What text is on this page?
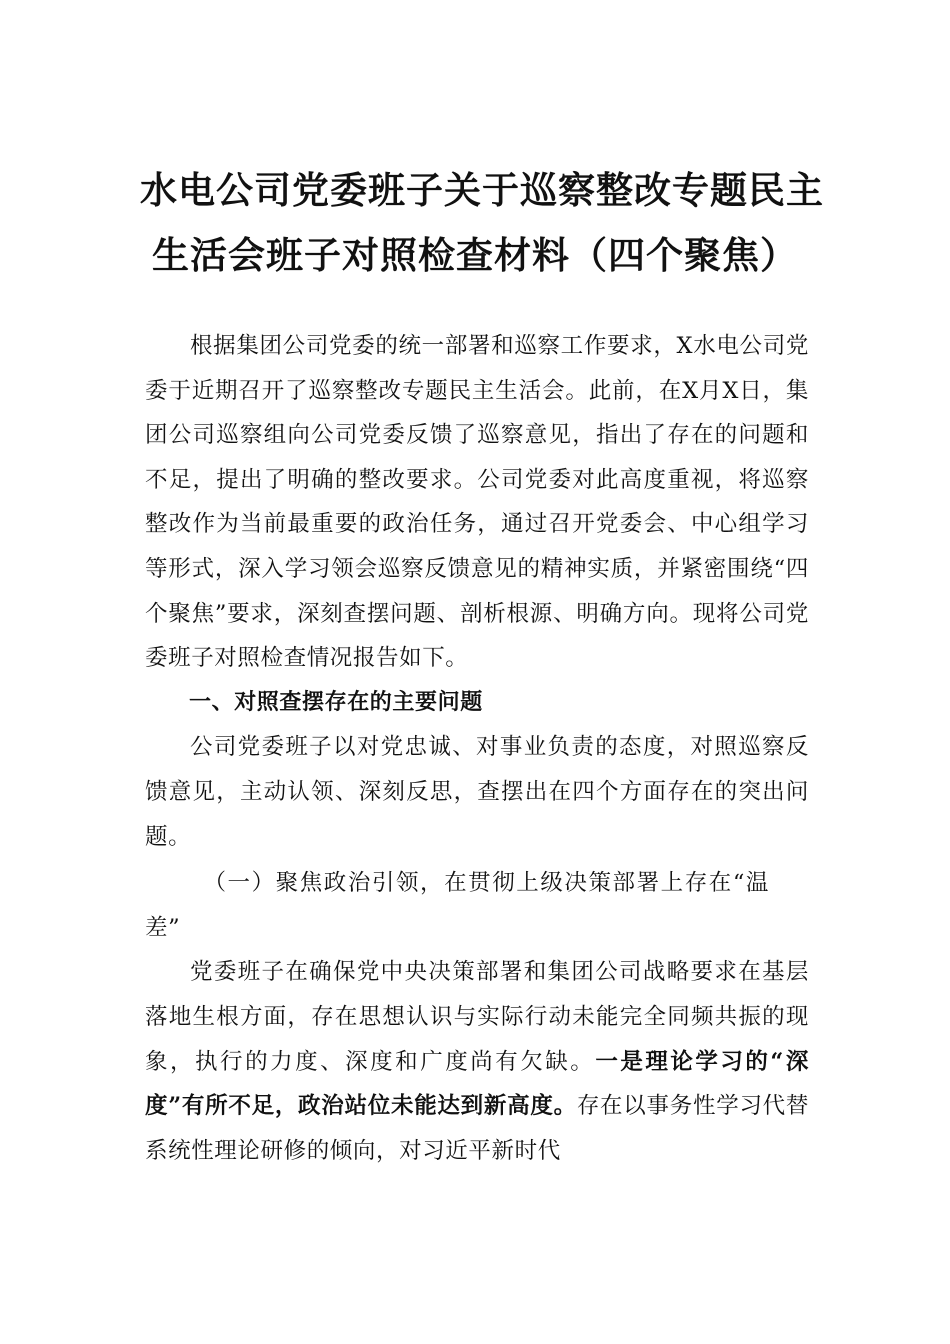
水电公司党委班子关于巡察整改专题民主
生活会班子对照检查材料（四个聚焦）

根据集团公司党委的统一部署和巡察工作要求，X水电公司党委于近期召开了巡察整改专题民主生活会。此前，在X月X日，集团公司巡察组向公司党委反馈了巡察意见，指出了存在的问题和不足，提出了明确的整改要求。公司党委对此高度重视，将巡察整改作为当前最重要的政治任务，通过召开党委会、中心组学习等形式，深入学习领会巡察反馈意见的精神实质，并紧密围绕“四个聚焦”要求，深刻查摆问题、剖析根源、明确方向。现将公司党委班子对照检查情况报告如下。

一、对照查摆存在的主要问题

公司党委班子以对党忠诚、对事业负责的态度，对照巡察反馈意见，主动认领、深刻反思，查摆出在四个方面存在的突出问题。

（一）聚焦政治引领，在贯彻上级决策部署上存在“温差”

党委班子在确保党中央决策部署和集团公司战略要求在基层落地生根方面，存在思想认识与实际行动未能完全同频共振的现象，执行的力度、深度和广度尚有欠缺。一是理论学习的“深度”有所不足，政治站位未能达到新高度。存在以事务性学习代替系统性理论研修的倾向，对习近平新时代
